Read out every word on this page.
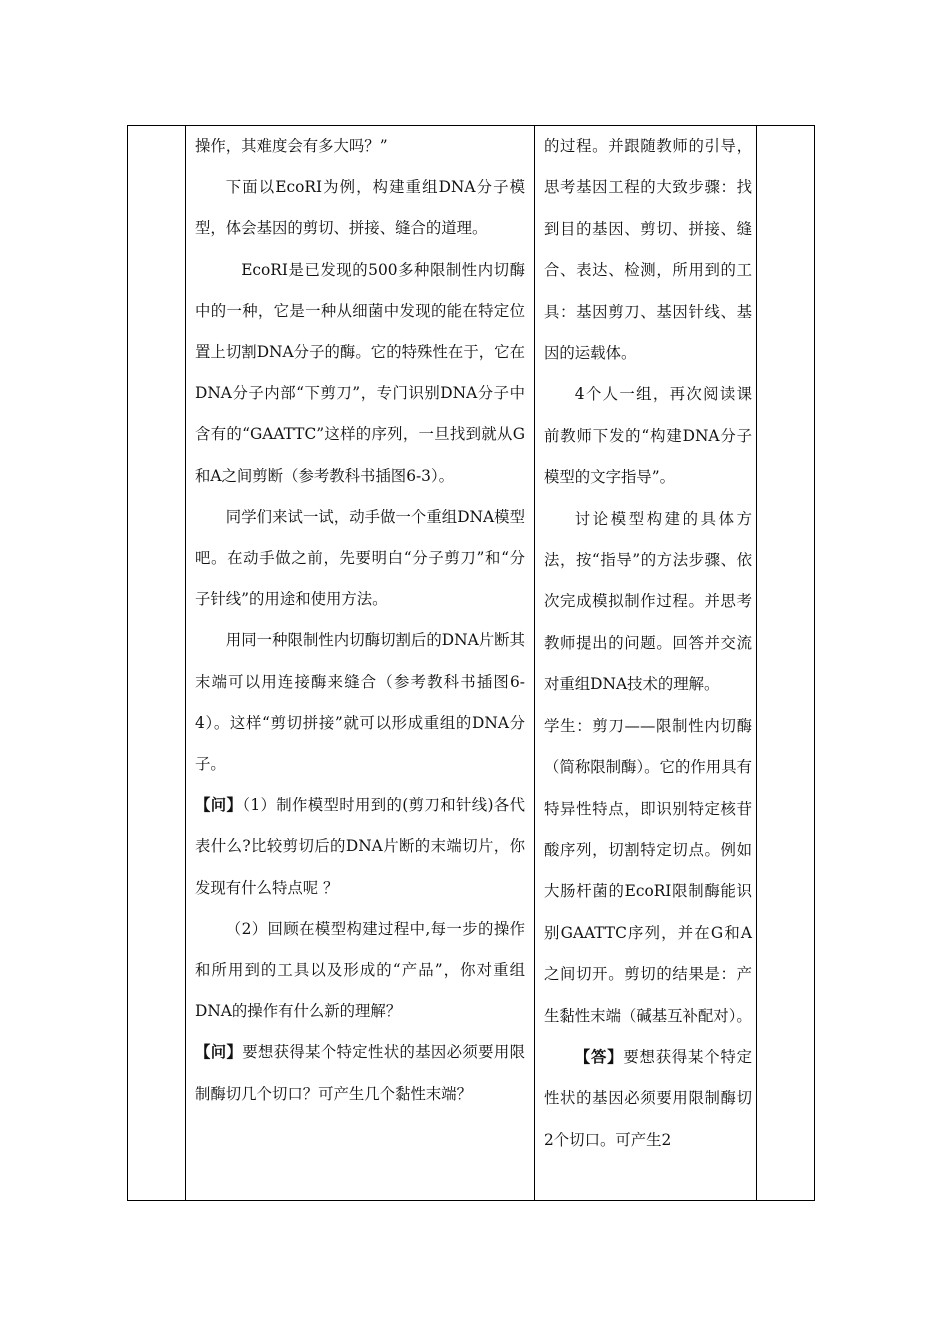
操作，其难度会有多大吗？”

下面以EcoRI为例，构建重组DNA分子模型，体会基因的剪切、拼接、缝合的道理。

EcoRI是已发现的500多种限制性内切酶中的一种，它是一种从细菌中发现的能在特定位置上切割DNA分子的酶。它的特殊性在于，它在DNA分子内部“下剪刀”，专门识别DNA分子中含有的“GAATTC”这样的序列，一旦找到就从G和A之间剪断（参考教科书插图6-3）。

同学们来试一试，动手做一个重组DNA模型吧。在动手做之前，先要明白“分子剪刀”和“分子针线”的用途和使用方法。

用同一种限制性内切酶切割后的DNA片断其末端可以用连接酶来缝合（参考教科书插图6-4）。这样“剪切拼接”就可以形成重组的DNA分子。

【问】（1）制作模型时用到的(剪刀和针线)各代表什么?比较剪切后的DNA片断的末端切片，你发现有什么特点呢 ？

（2）回顾在模型构建过程中,每一步的操作和所用到的工具以及形成的“产品”，你对重组DNA的操作有什么新的理解？

【问】要想获得某个特定性状的基因必须要用限制酶切几个切口？可产生几个黏性末端？

的过程。并跟随教师的引导，思考基因工程的大致步骤：找到目的基因、剪切、拼接、缝合、表达、检测，所用到的工具：基因剪刀、基因针线、基因的运载体。

4个人一组，再次阅读课前教师下发的“构建DNA分子模型的文字指导”。

讨论模型构建的具体方法，按“指导”的方法步骤、依次完成模拟制作过程。并思考教师提出的问题。回答并交流对重组DNA技术的理解。

学生：剪刀——限制性内切酶（简称限制酶）。它的作用具有特异性特点，即识别特定核苷酸序列，切割特定切点。例如大肠杆菌的EcoRI限制酶能识别GAATTC序列，并在G和A之间切开。剪切的结果是：产生黏性末端（碱基互补配对）。

【答】要想获得某个特定性状的基因必须要用限制酶切2个切口。可产生2
